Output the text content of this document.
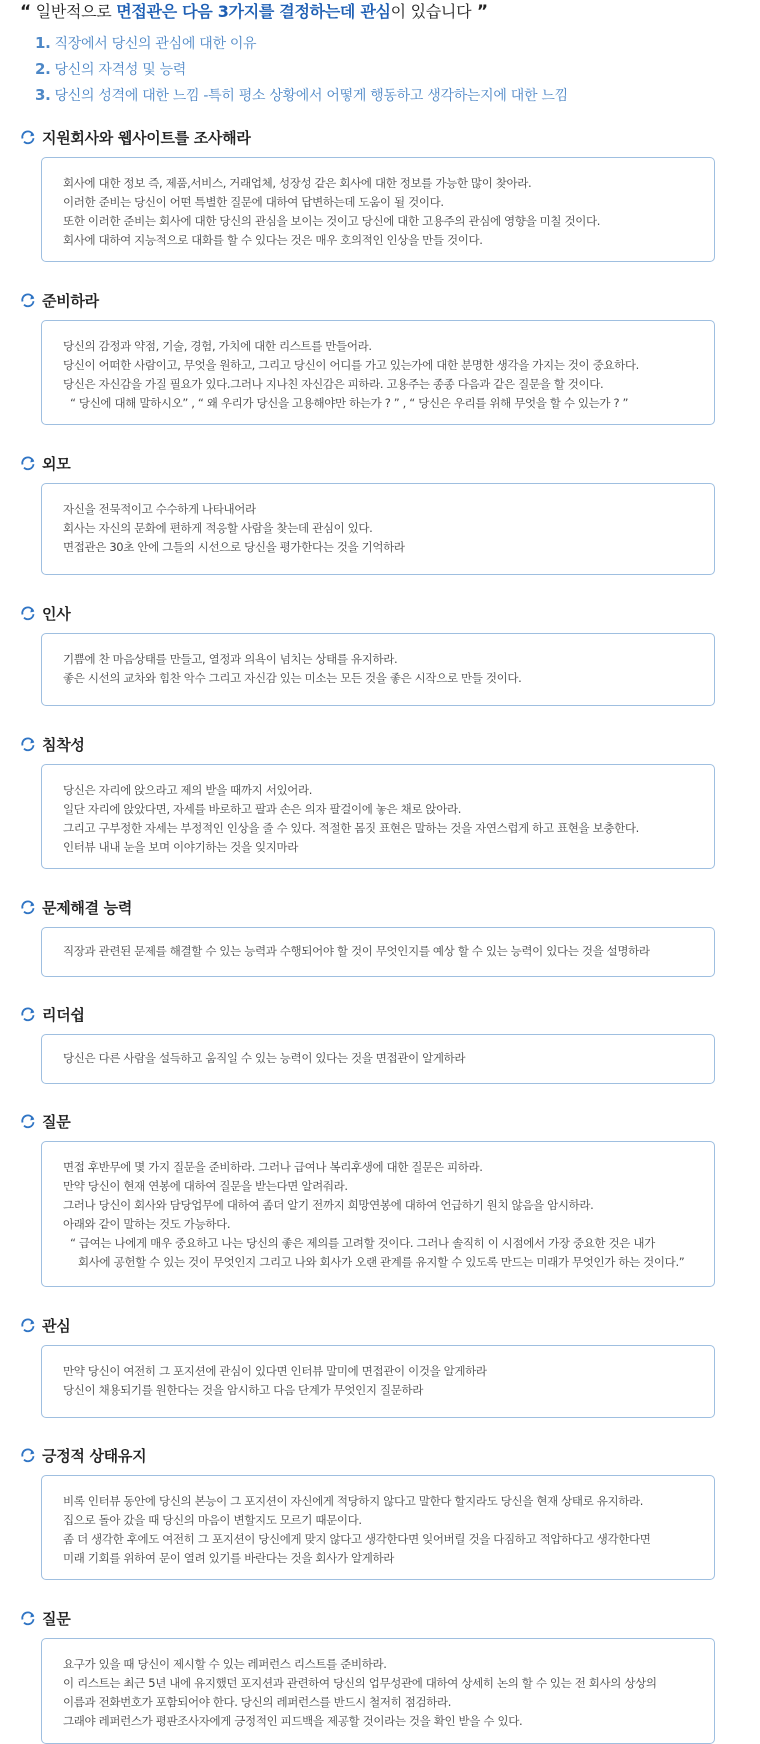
“ 일반적으로 면접관은 다음 3가지를 결정하는데 관심이 있습니다 ”
1. 직장에서 당신의 관심에 대한 이유
2. 당신의 자격성 및 능력
3. 당신의 성격에 대한 느낌 -특히 평소 상황에서 어떻게 행동하고 생각하는지에 대한 느낌
지원회사와 웹사이트를 조사해라

회사에 대한 정보 즉, 제품,서비스, 거래업체, 성장성 같은 회사에 대한 정보를 가능한 많이 찾아라.

이러한 준비는 당신이 어떤 특별한 질문에 대하여 답변하는데 도움이 될 것이다.

또한 이러한 준비는 회사에 대한 당신의 관심을 보이는 것이고 당신에 대한 고용주의 관심에 영향을 미칠 것이다.

회사에 대하여 지능적으로 대화를 할 수 있다는 것은 매우 호의적인 인상을 만들 것이다.

준비하라

당신의 감정과 약점, 기술, 경험, 가치에 대한 리스트를 만들어라.

당신이 어떠한 사람이고, 무엇을 원하고, 그리고 당신이 어디를 가고 있는가에 대한 분명한 생각을 가지는 것이 중요하다.

당신은 자신감을 가질 필요가 있다.그러나 지나친 자신감은 피하라. 고용주는 종종 다음과 같은 질문을 할 것이다.

“ 당신에 대해 말하시오” , “ 왜 우리가 당신을 고용해야만 하는가 ? ” , “ 당신은 우리를 위해 무엇을 할 수 있는가 ? ”

외모

자신을 전묵적이고 수수하게 나타내어라

회사는 자신의 문화에 편하게 적응할 사람을 찾는데 관심이 있다.

면접관은 30초 안에 그들의 시선으로 당신을 평가한다는 것을 기억하라

인사

기쁨에 찬 마음상태를 만들고, 열정과 의욕이 넘치는 상태를 유지하라.

좋은 시선의 교차와 힘찬 악수 그리고 자신감 있는 미소는 모든 것을 좋은 시작으로 만들 것이다.

침착성

당신은 자리에 앉으라고 제의 받을 때까지 서있어라.

일단 자리에 앉았다면, 자세를 바로하고 팔과 손은 의자 팔걸이에 놓은 채로 앉아라.

그리고 구부정한 자세는 부정적인 인상을 줄 수 있다. 적절한 몸짓 표현은 말하는 것을 자연스럽게 하고 표현을 보충한다.

인터뷰 내내 눈을 보며 이야기하는 것을 잊지마라

문제해결 능력

직장과 관련된 문제를 해결할 수 있는 능력과 수행되어야 할 것이 무엇인지를 예상 할 수 있는 능력이 있다는 것을 설명하라

리더쉽

당신은 다른 사람을 설득하고 움직일 수 있는 능력이 있다는 것을 면접관이 알게하라

질문

면접 후반무에 몇 가지 질문을 준비하라. 그러나 급여나 복리후생에 대한 질문은 피하라.

만약 당신이 현재 연봉에 대하여 질문을 받는다면 알려줘라.

그러나 당신이 회사와 담당업무에 대하여 좀더 알기 전까지 희망연봉에 대하여 언급하기 원치 않음을 암시하라.

아래와 같이 말하는 것도 가능하다.

“ 급여는 나에게 매우 중요하고 나는 당신의 좋은 제의를 고려할 것이다. 그러나 솔직히 이 시점에서 가장 중요한 것은 내가

회사에 공헌할 수 있는 것이 무엇인지 그리고 나와 회사가 오랜 관계를 유지할 수 있도록 만드는 미래가 무엇인가 하는 것이다.”

관심

만약 당신이 여전히 그 포지션에 관심이 있다면 인터뷰 말미에 면접관이 이것을 알게하라

당신이 채용되기를 원한다는 것을 암시하고 다음 단계가 무엇인지 질문하라

긍정적 상태유지

비록 인터뷰 동안에 당신의 본능이 그 포지션이 자신에게 적당하지 않다고 말한다 할지라도 당신을 현재 상태로 유지하라.

집으로 돌아 갔을 때 당신의 마음이 변할지도 모르기 때문이다.

좀 더 생각한 후에도 여전히 그 포지션이 당신에게 맞지 않다고 생각한다면 잊어버릴 것을 다짐하고 적압하다고 생각한다면

미래 기회를 위하여 문이 열려 있기를 바란다는 것을 회사가 알게하라

질문

요구가 있을 때 당신이 제시할 수 있는 레퍼런스 리스트를 준비하라.

이 리스트는 최근 5년 내에 유지했던 포지션과 관련하여 당신의 업무성관에 대하여 상세히 논의 할 수 있는 전 회사의 상상의

이름과 전화번호가 포함되어야 한다. 당신의 레퍼런스를 반드시 철저히 점검하라.

그래야 레퍼런스가 평판조사자에게 긍정적인 피드백을 제공할 것이라는 것을 확인 받을 수 있다.
